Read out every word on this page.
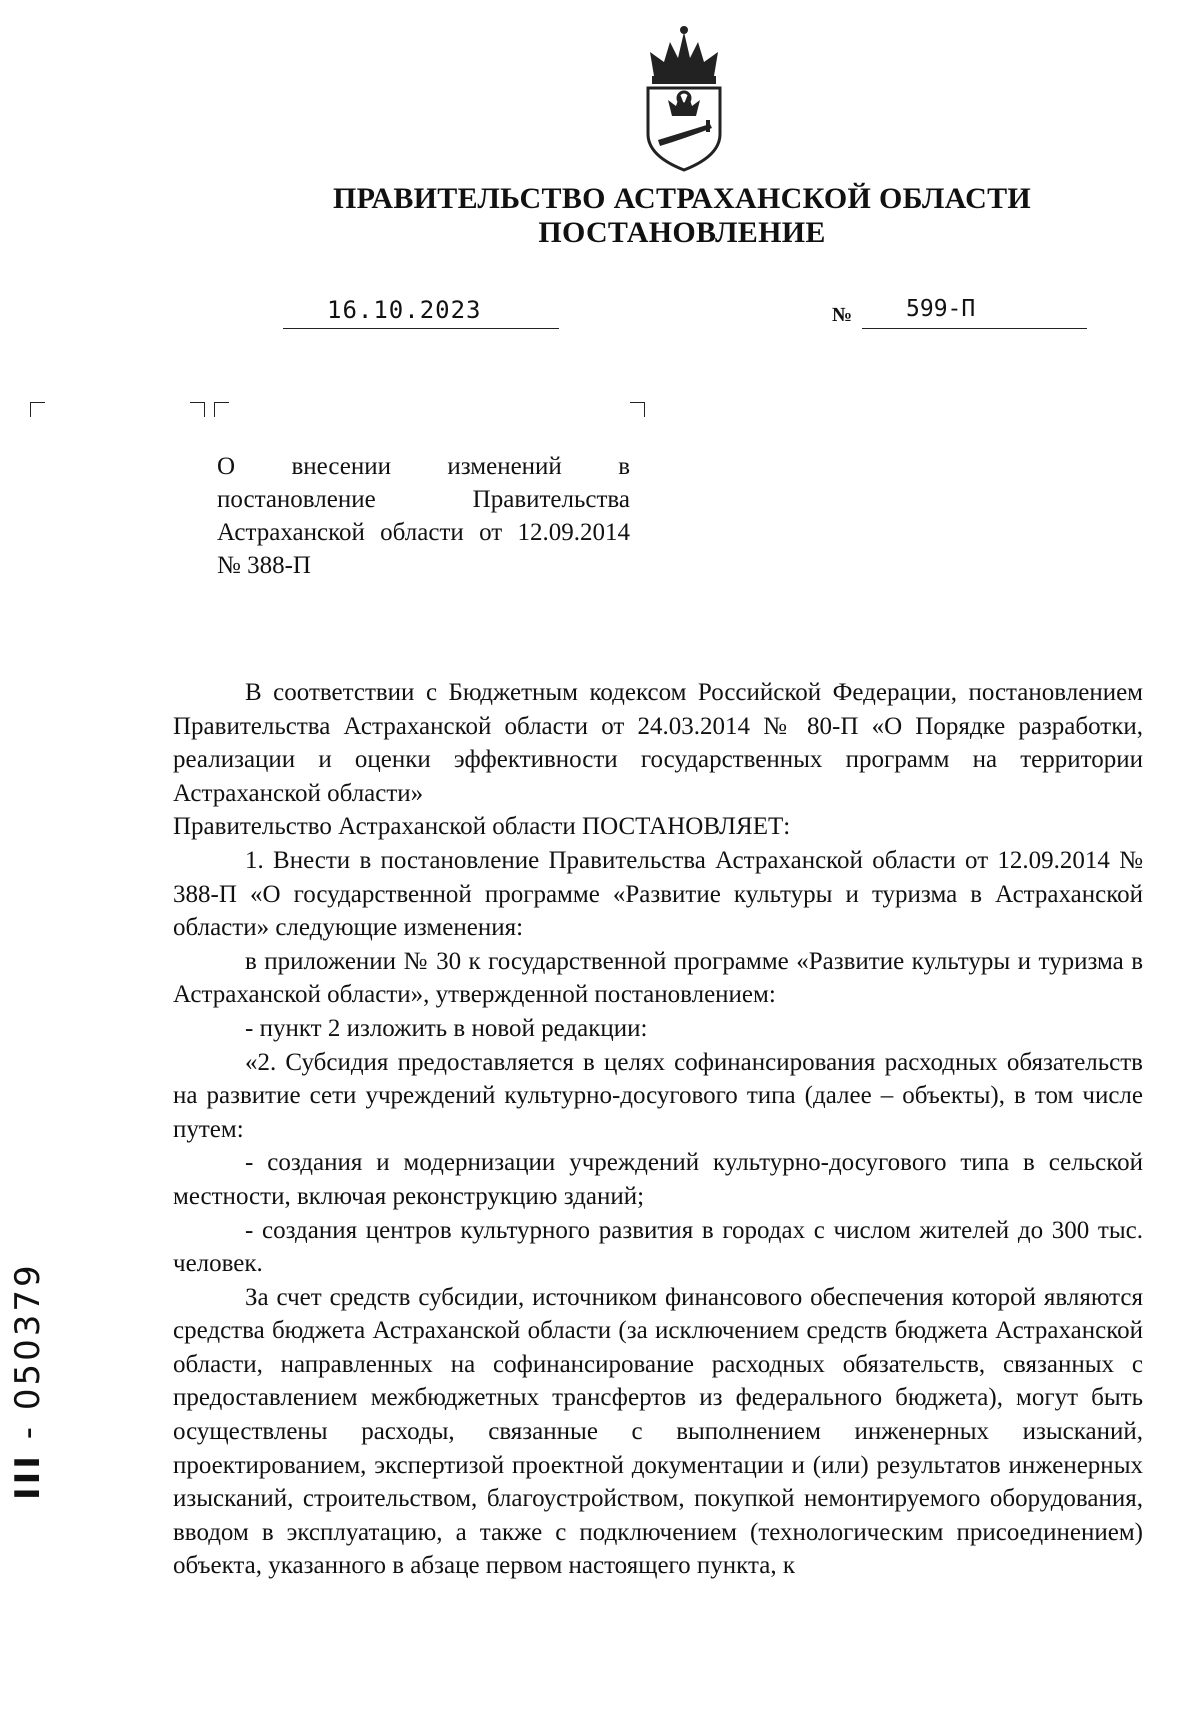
ПРАВИТЕЛЬСТВО АСТРАХАНСКОЙ ОБЛАСТИ
ПОСТАНОВЛЕНИЕ
16.10.2023	№ 599-П
О внесении изменений в постановление Правительства Астраханской области от 12.09.2014 № 388-П

В соответствии с Бюджетным кодексом Российской Федерации, постановлением Правительства Астраханской области от 24.03.2014 № 80-П «О Порядке разработки, реализации и оценки эффективности государственных программ на территории Астраханской области»

Правительство Астраханской области ПОСТАНОВЛЯЕТ:

1. Внести в постановление Правительства Астраханской области от 12.09.2014 № 388-П «О государственной программе «Развитие культуры и туризма в Астраханской области» следующие изменения:

в приложении № 30 к государственной программе «Развитие культуры и туризма в Астраханской области», утвержденной постановлением:

- пункт 2 изложить в новой редакции:

«2. Субсидия предоставляется в целях софинансирования расходных обязательств на развитие сети учреждений культурно-досугового типа (далее – объекты), в том числе путем:

- создания и модернизации учреждений культурно-досугового типа в сельской местности, включая реконструкцию зданий;

- создания центров культурного развития в городах с числом жителей до 300 тыс. человек.

За счет средств субсидии, источником финансового обеспечения которой являются средства бюджета Астраханской области (за исключением средств бюджета Астраханской области, направленных на софинансирование расходных обязательств, связанных с предоставлением межбюджетных трансфертов из федерального бюджета), могут быть осуществлены расходы, связанные с выполнением инженерных изысканий, проектированием, экспертизой проектной документации и (или) результатов инженерных изысканий, строительством, благоустройством, покупкой немонтируемого оборудования, вводом в эксплуатацию, а также с подключением (технологическим присоединением) объекта, указанного в абзаце первом настоящего пункта, к

III - 050379
